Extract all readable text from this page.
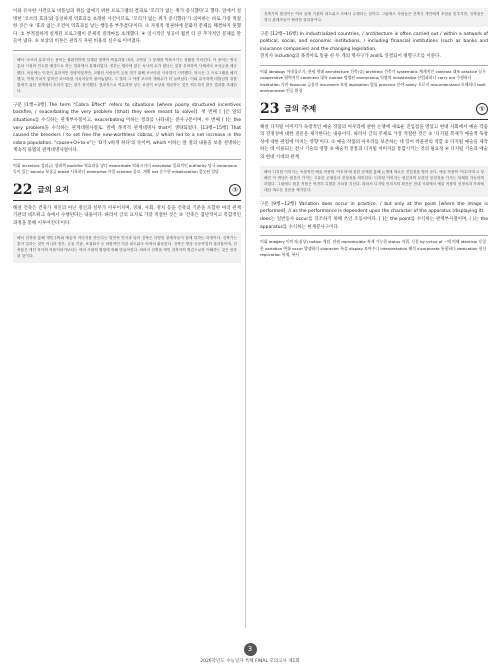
이와 유사한 사건으로 비틀넘의 쥐를 없애기 위한 프로그램의 결과로 '꼬리가 없는 쥐가 증식했다'고 했다. 일에서 설명한 '코브라 효과'와 동일하게 역효과를 초래한 사건이므로, '꼬리가 없는 쥐가 증식했다'가 의미하는 바로 가장 적절한 것은 ③ '효과 없는 조건이 역효과를 낳는 행동을 부추겼다'이다. ① 자정적 정권하에 문화적 문제를 해결하지 못했다. ② 부적절하게 설계된 프로그램이 문제적 질레마를 초래했다. ④ 일시적인 성공이 훨씬 더 큰 추가적인 문제를 만들어 냈다. ⑤ 보상의 비론은 관리가 자원 비용의 실수로 이어졌다.

해석 '코브라 효과'라는 용어는 불완전하게 설계된 정책이 역효과를 내서, 고안된 그 문제를 악화시키는 상황을 가리킨다. 이 용어는 영국 통치 시절의 인도를 배경으로 하는 일화에서 유래되었다. 정부는 델리에 있는 독사의 수가 많다는 것을 우려하여 사체마다 보상금을 제공했다. 처음에는 이것이 효과적인 전략이었지만, 교활한 사람들이 돈을 벌기 위해 코브라를 사육하기 시작했다. 당국은 그 프로그램을 폐지했고, 이제 가치가 없어진 코브라를 사육자들이 풀어놓았다. 그 결과 그 야생 코브라 개체수가 더 늘어났다. 이와 유사하게 비틀넘의 쥐를 없애기 위한 정책에서 꼬리가 없는 쥐가 증식했다. 결과적으로 역효과를 낳는 조건이 보상을 제공하는 것은 의도하지 않은 결과를 초래한다.

구문 [1행~3행] The term "Cobra Effect" refers to situations [where poorly structured incentives backfire, / exacerbating the very problem [(that) they were meant to solve]]. 첫 번째 [ ]은 앞의 situations를 수식하는 관계부사절이고, exacerbating 이하는 결과를 나타내는 분사구문이며, 두 번째 [ ]는 the very problem을 수식하는 관계대명사절로, 앞에 목적격 관계대명사 that이 생략되었다. [13행~15행] That caused the breeders / to set free the now-worthless cobras, // which led to a net increase in the cobra population. "cause+O+to-v"는 'O가 v하게 하다'의 뜻이며, which 이하는 앞 절의 내용을 보충 설명하는 계속적 용법의 관계대명사절이다.

어휘 incentive 성과급; 장려책 backfire 역효과를 낳다 exacerbate 악화시키다 anecdotal 일화적인 authority 당국 venomous 독이 있는 bounty 보상금 breed 사육하다 enterprise 사업 scheme 음모, 계획 net 순수한 misallocation 잘못된 할당

22 글의 요지	③

해설 건축은 건축가 개인의 아닌 정신과 실무가 이루어지며, 경제, 사회, 정치 등을 건축의 기준을 포함한 여러 관계 기관의 네트워크 속에서 수행된다는 내용이다. 따라서 글의 요지로 가장 적절한 것은 ③ '건축은 집단적이고 복합적인 과정을 통해 이루어진다'이다.

해석 건축을 통해 개인주의와 예술적 이미지를 만든다는 일반적 인식과 달리 건축은 다양한 관계자들이 함께 일하는 과정이다. 건축가는 혼자 일하는 것이 아니라 정부, 금융 기관, 보험회사 등 복합적인 기관 네트워크 속에서 활동한다. 건축은 항상 공동작업의 결과물이며, 건축물은 개인 작가의 작품이라기보다는 여러 사람의 협업에 의해 만들어진다. 따라서 건축을 개인 건축가의 영감으로만 이해하는 것은 잘못된 것이다.

건축가의 환경이든 여러 관계 기관의 네트워크 속에서 수행되는 것이다. 그럼에도 사람들은 건축가 개인에게 초점을 맞추지만, 건축물은 결국 관계자들이 협력한 결과물이다.

구문 [12행~16행] In industrialized countries, / architecture is often carried out / within a network of political, social, and economic institutions, / including financial institutions (such as banks and insurance companies) and the changing legislation.

전치사 including의 목적어로 밑줄 친 두 개의 명사구가 and로 연결되어 병렬구조를 이룬다.

어휘 ideology 이데올로기; 관념 형태 architecture 건축(술) architect 건축가 systematic 체계적인 contrast 대조 practice 실무 cooperative 협력적인 continent 대륙 named 명명된 anonymous 익명의 industrialize 산업화하다 carry out 수행하다 institution 기관 financial 금융의 insurance 보험 legislation 법률 province 분야 solely 오로지 misunderstand 오해하다 built environment 인공 환경

23 글의 주제	⑤

해설 디지털 이미지가 독창적인 예술 작품의 아우라에 관한 논쟁에 새로운 진입점을 열었고 현대 사회에서 예술 작품의 진정성에 대한 질문을 제기한다는 내용이다. 따라서 글의 주제로 가장 적절한 것은 ⑤ '디지털 복제가 예술적 독창성에 대한 관점에 미치는 영향'이다. ① 예술 작품의 아우라를 보존하는 데 있어 박물관의 역할 ② 디지털 예술을 제작하는 데 이용되는 전시 기술의 영향 ③ 예술적 전통과 디지털 이미지를 통합시키는 것의 필요성 ④ 디지털 기술과 예술의 현대 시대의 관계

해석 디지털 이미지는 독창적인 예술 작품의 '아우라'에 관한 문제를 통해 논쟁에 새로운 진입점을 열어 준다. 예술 작품의 '아우라'라고 칭해진 이 개념은 원본이 가지는 고유한 존재감과 진정성을 의미한다. 디지털 이미지는 원본과의 무한한 동일성을 가지는 복제를 가능하게 하였다. 그럼에도 원본 작품은 여전히 특별한 가치를 지닌다. 따라서 디지털 이미지의 확산은 현대 사회에서 예술 작품의 진정성과 가치에 대한 새로운 질문을 제기한다.

구문 [9행~12행] Variation does occur in practice, / but only at the point [where the image is performed], // as the performance is dependent upon the character of the apparatus (displaying it).

does는 일반동사 occur를 강조하기 위해 쓰인 조동사이다. [ ]는 the point를 수식하는 관계부사절이며, ( )는 the apparatus를 수식하는 현재분사구이다.

어휘 imagery 이미지(심상) notion 개념, 관념 reproducible 복제 가능한 status 지위, 신분 by virtue of ~에 의해 identical 동일한 variation 변화 occur 발생하다 character 특성 display 보여주다 interpretation 해석 incorporate 통합하다 dedication 헌신 replication 복제, 복사

3
2026학년도 수능일자 특해 FINAL 모의고사 제1회
